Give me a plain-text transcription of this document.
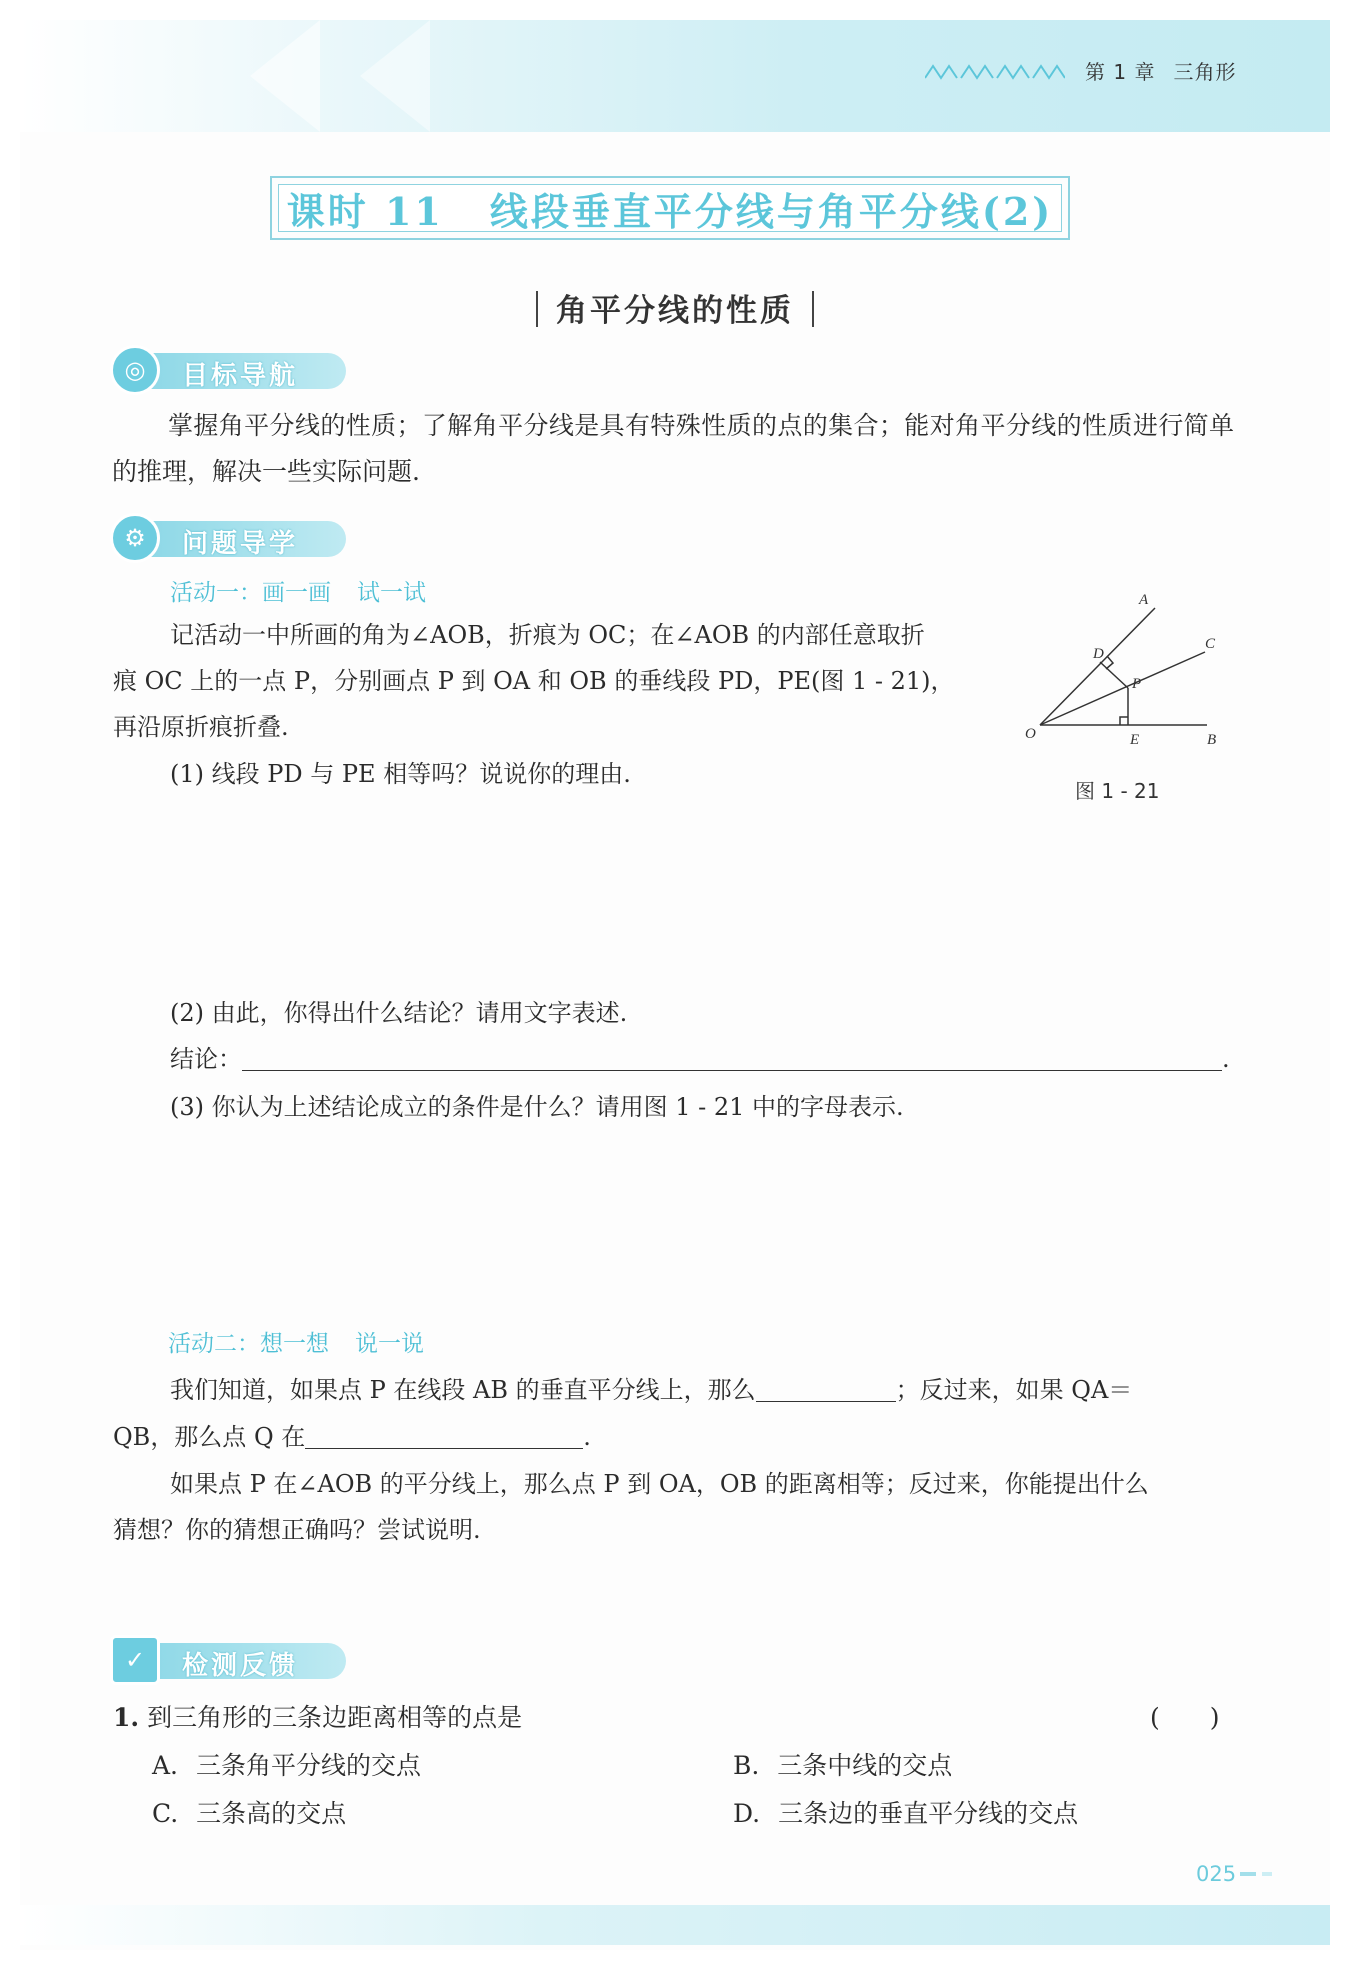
第 1 章 三角形
课时 11 线段垂直平分线与角平分线(2)
角平分线的性质
◎	目标导航
掌握角平分线的性质；了解角平分线是具有特殊性质的点的集合；能对角平分线的性质进行简单的推理，解决一些实际问题.
⚙	问题导学
活动一：画一画 试一试
记活动一中所画的角为∠AOB，折痕为 OC；在∠AOB 的内部任意取折
痕 OC 上的一点 P，分别画点 P 到 OA 和 OB 的垂线段 PD，PE(图 1 - 21)，
再沿原折痕折叠.
(1) 线段 PD 与 PE 相等吗？说说你的理由.
A
B
C
D
E
O
P
图 1 - 21
(2) 由此，你得出什么结论？请用文字表述.
结论：	.
(3) 你认为上述结论成立的条件是什么？请用图 1 - 21 中的字母表示.
活动二：想一想 说一说
我们知道，如果点 P 在线段 AB 的垂直平分线上，那么	；反过来，如果 QA＝
QB，那么点 Q 在	.
如果点 P 在∠AOB 的平分线上，那么点 P 到 OA，OB 的距离相等；反过来，你能提出什么
猜想？你的猜想正确吗？尝试说明.
✓	检测反馈
1. 到三角形的三条边距离相等的点是	(　　)
A. 三条角平分线的交点	B. 三条中线的交点
C. 三条高的交点	D. 三条边的垂直平分线的交点
025
